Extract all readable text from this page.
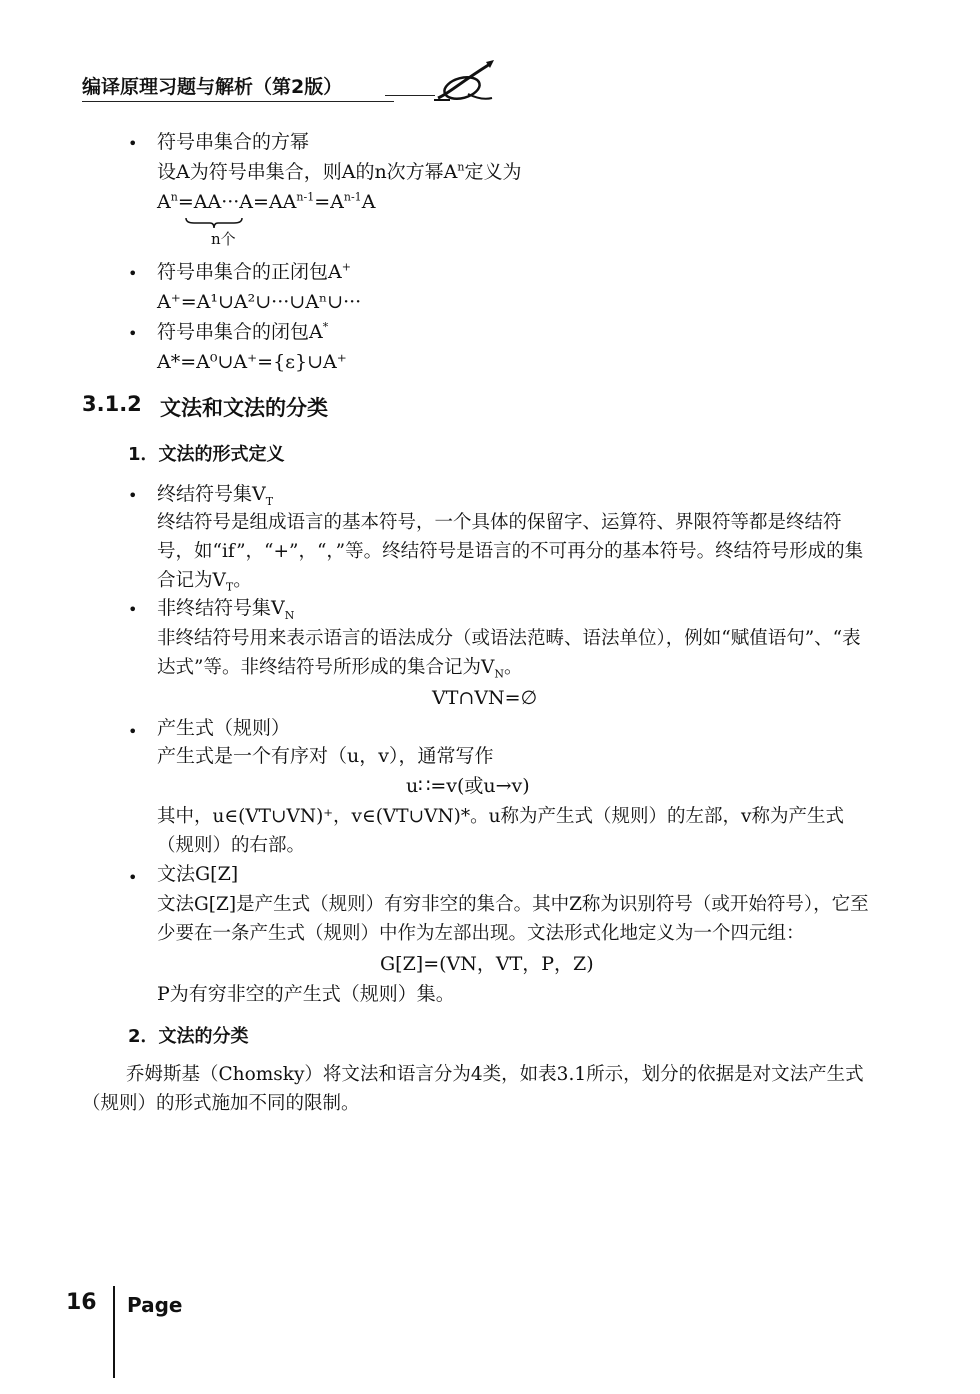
编译原理习题与解析（第2版）
• 符号串集合的方幂
设A为符号串集合，则A的n次方幂$A^n$定义为
$A^n=AA\cdot\cdot\cdot A=AA^{n-1}=A^{n-1}A$
n个
• 符号串集合的正闭包A+
A⁺=A¹∪A²∪···∪Aⁿ∪···
• 符号串集合的闭包A*
A*=A⁰∪A⁺={ε}∪A⁺
3.1.2 文法和文法的分类
1．文法的形式定义
• 终结符号集$V_T$
终结符号是组成语言的基本符号，一个具体的保留字、运算符、界限符等都是终结符号，如“if”，“+”，“，”等。终结符号是语言的不可再分的基本符号。终结符号形成的集合记为$V_T$。
• 非终结符号集$V_N$
非终结符号用来表示语言的语法成分（或语法范畴、语法单位），例如“赋值语句”、“表达式”等。非终结符号所形成的集合记为$V_N$。
VT∩VN=∅
• 产生式（规则）
产生式是一个有序对（u，v），通常写作
u∷=v(或u→v)
其中，u∈(VT∪VN)⁺，v∈(VT∪VN)*。u称为产生式（规则）的左部，v称为产生式（规则）的右部。
• 文法G[Z]
文法G[Z]是产生式（规则）有穷非空的集合。其中Z称为识别符号（或开始符号），它至少要在一条产生式（规则）中作为左部出现。文法形式化地定义为一个四元组：
G[Z]=(VN，VT，P，Z)
P为有穷非空的产生式（规则）集。
2．文法的分类
乔姆斯基（Chomsky）将文法和语言分为4类，如表3.1所示，划分的依据是对文法产生式（规则）的形式施加不同的限制。
16 Page
